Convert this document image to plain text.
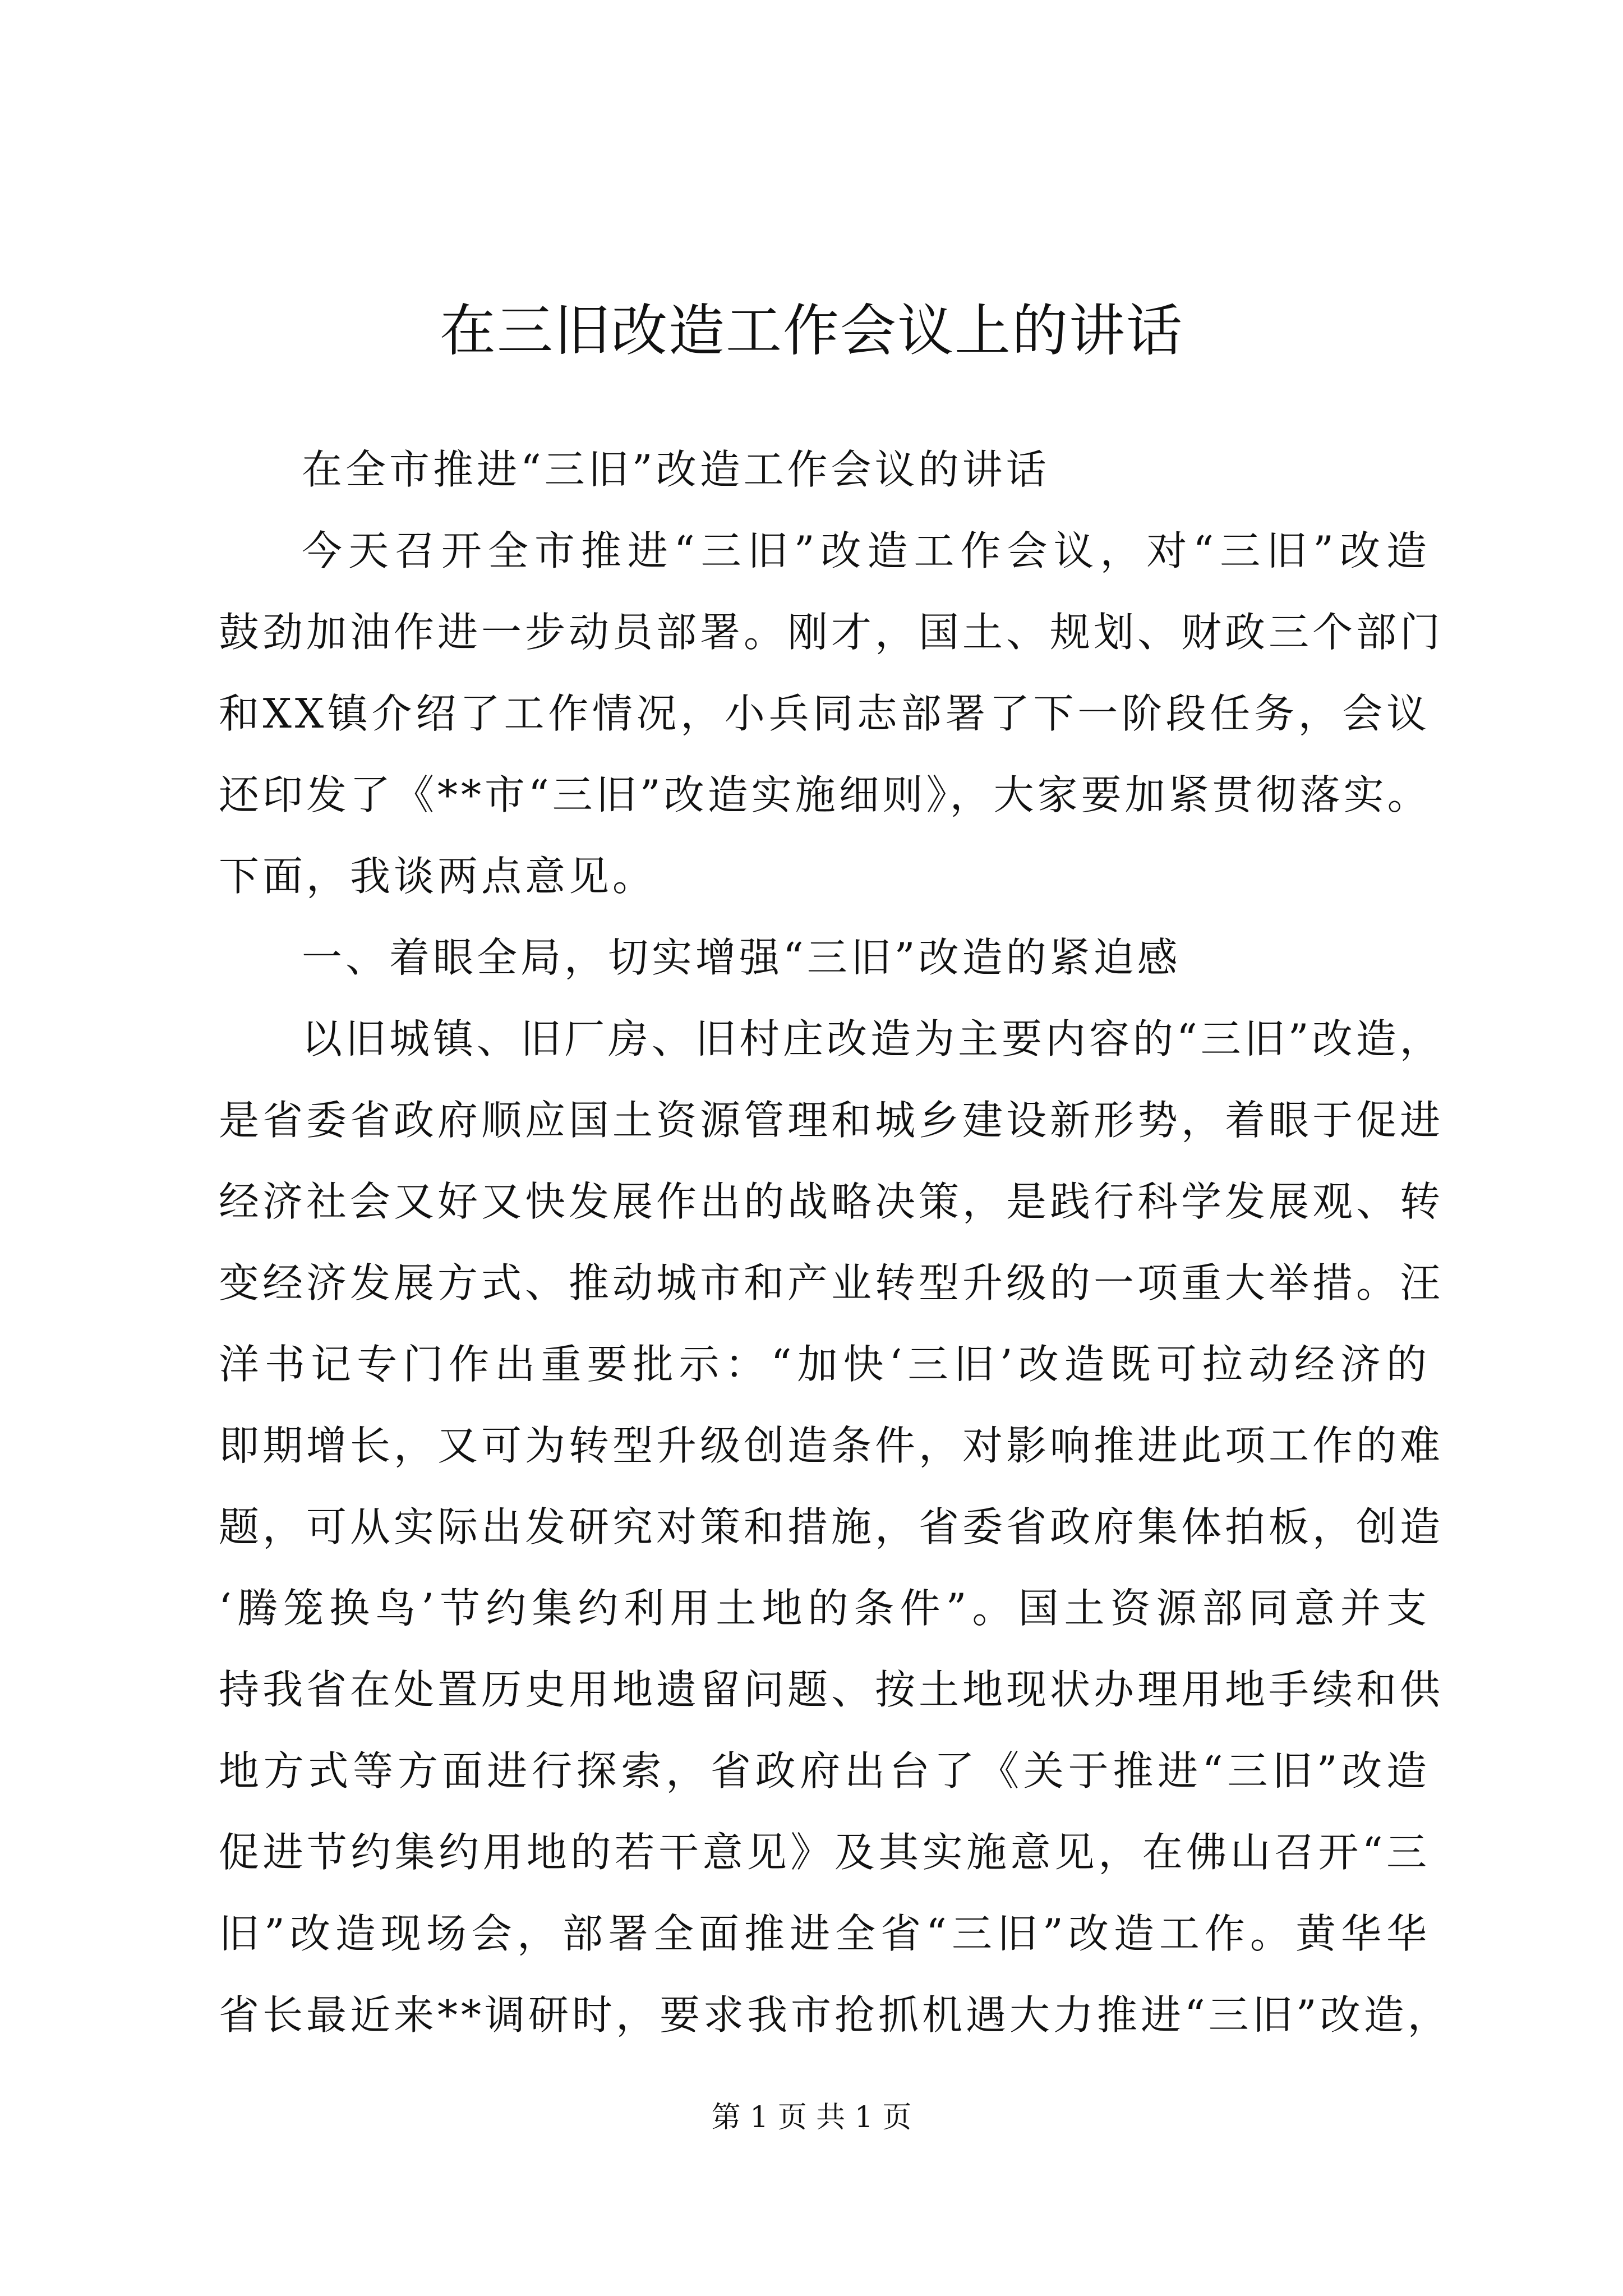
在三旧改造工作会议上的讲话

在全市推进“三旧”改造工作会议的讲话

今天召开全市推进“三旧”改造工作会议，对“三旧”改造

鼓劲加油作进一步动员部署。刚才，国土、规划、财政三个部门

和XX镇介绍了工作情况，小兵同志部署了下一阶段任务，会议

还印发了《**市“三旧”改造实施细则》，大家要加紧贯彻落实。

下面，我谈两点意见。

一、着眼全局，切实增强“三旧”改造的紧迫感

以旧城镇、旧厂房、旧村庄改造为主要内容的“三旧”改造，

是省委省政府顺应国土资源管理和城乡建设新形势，着眼于促进

经济社会又好又快发展作出的战略决策，是践行科学发展观、转

变经济发展方式、推动城市和产业转型升级的一项重大举措。汪

洋书记专门作出重要批示：“加快‘三旧’改造既可拉动经济的

即期增长，又可为转型升级创造条件，对影响推进此项工作的难

题，可从实际出发研究对策和措施，省委省政府集体拍板，创造

‘腾笼换鸟’节约集约利用土地的条件”。国土资源部同意并支

持我省在处置历史用地遗留问题、按土地现状办理用地手续和供

地方式等方面进行探索，省政府出台了《关于推进“三旧”改造

促进节约集约用地的若干意见》及其实施意见，在佛山召开“三

旧”改造现场会，部署全面推进全省“三旧”改造工作。黄华华

省长最近来**调研时，要求我市抢抓机遇大力推进“三旧”改造，

第 1 页 共 1 页
